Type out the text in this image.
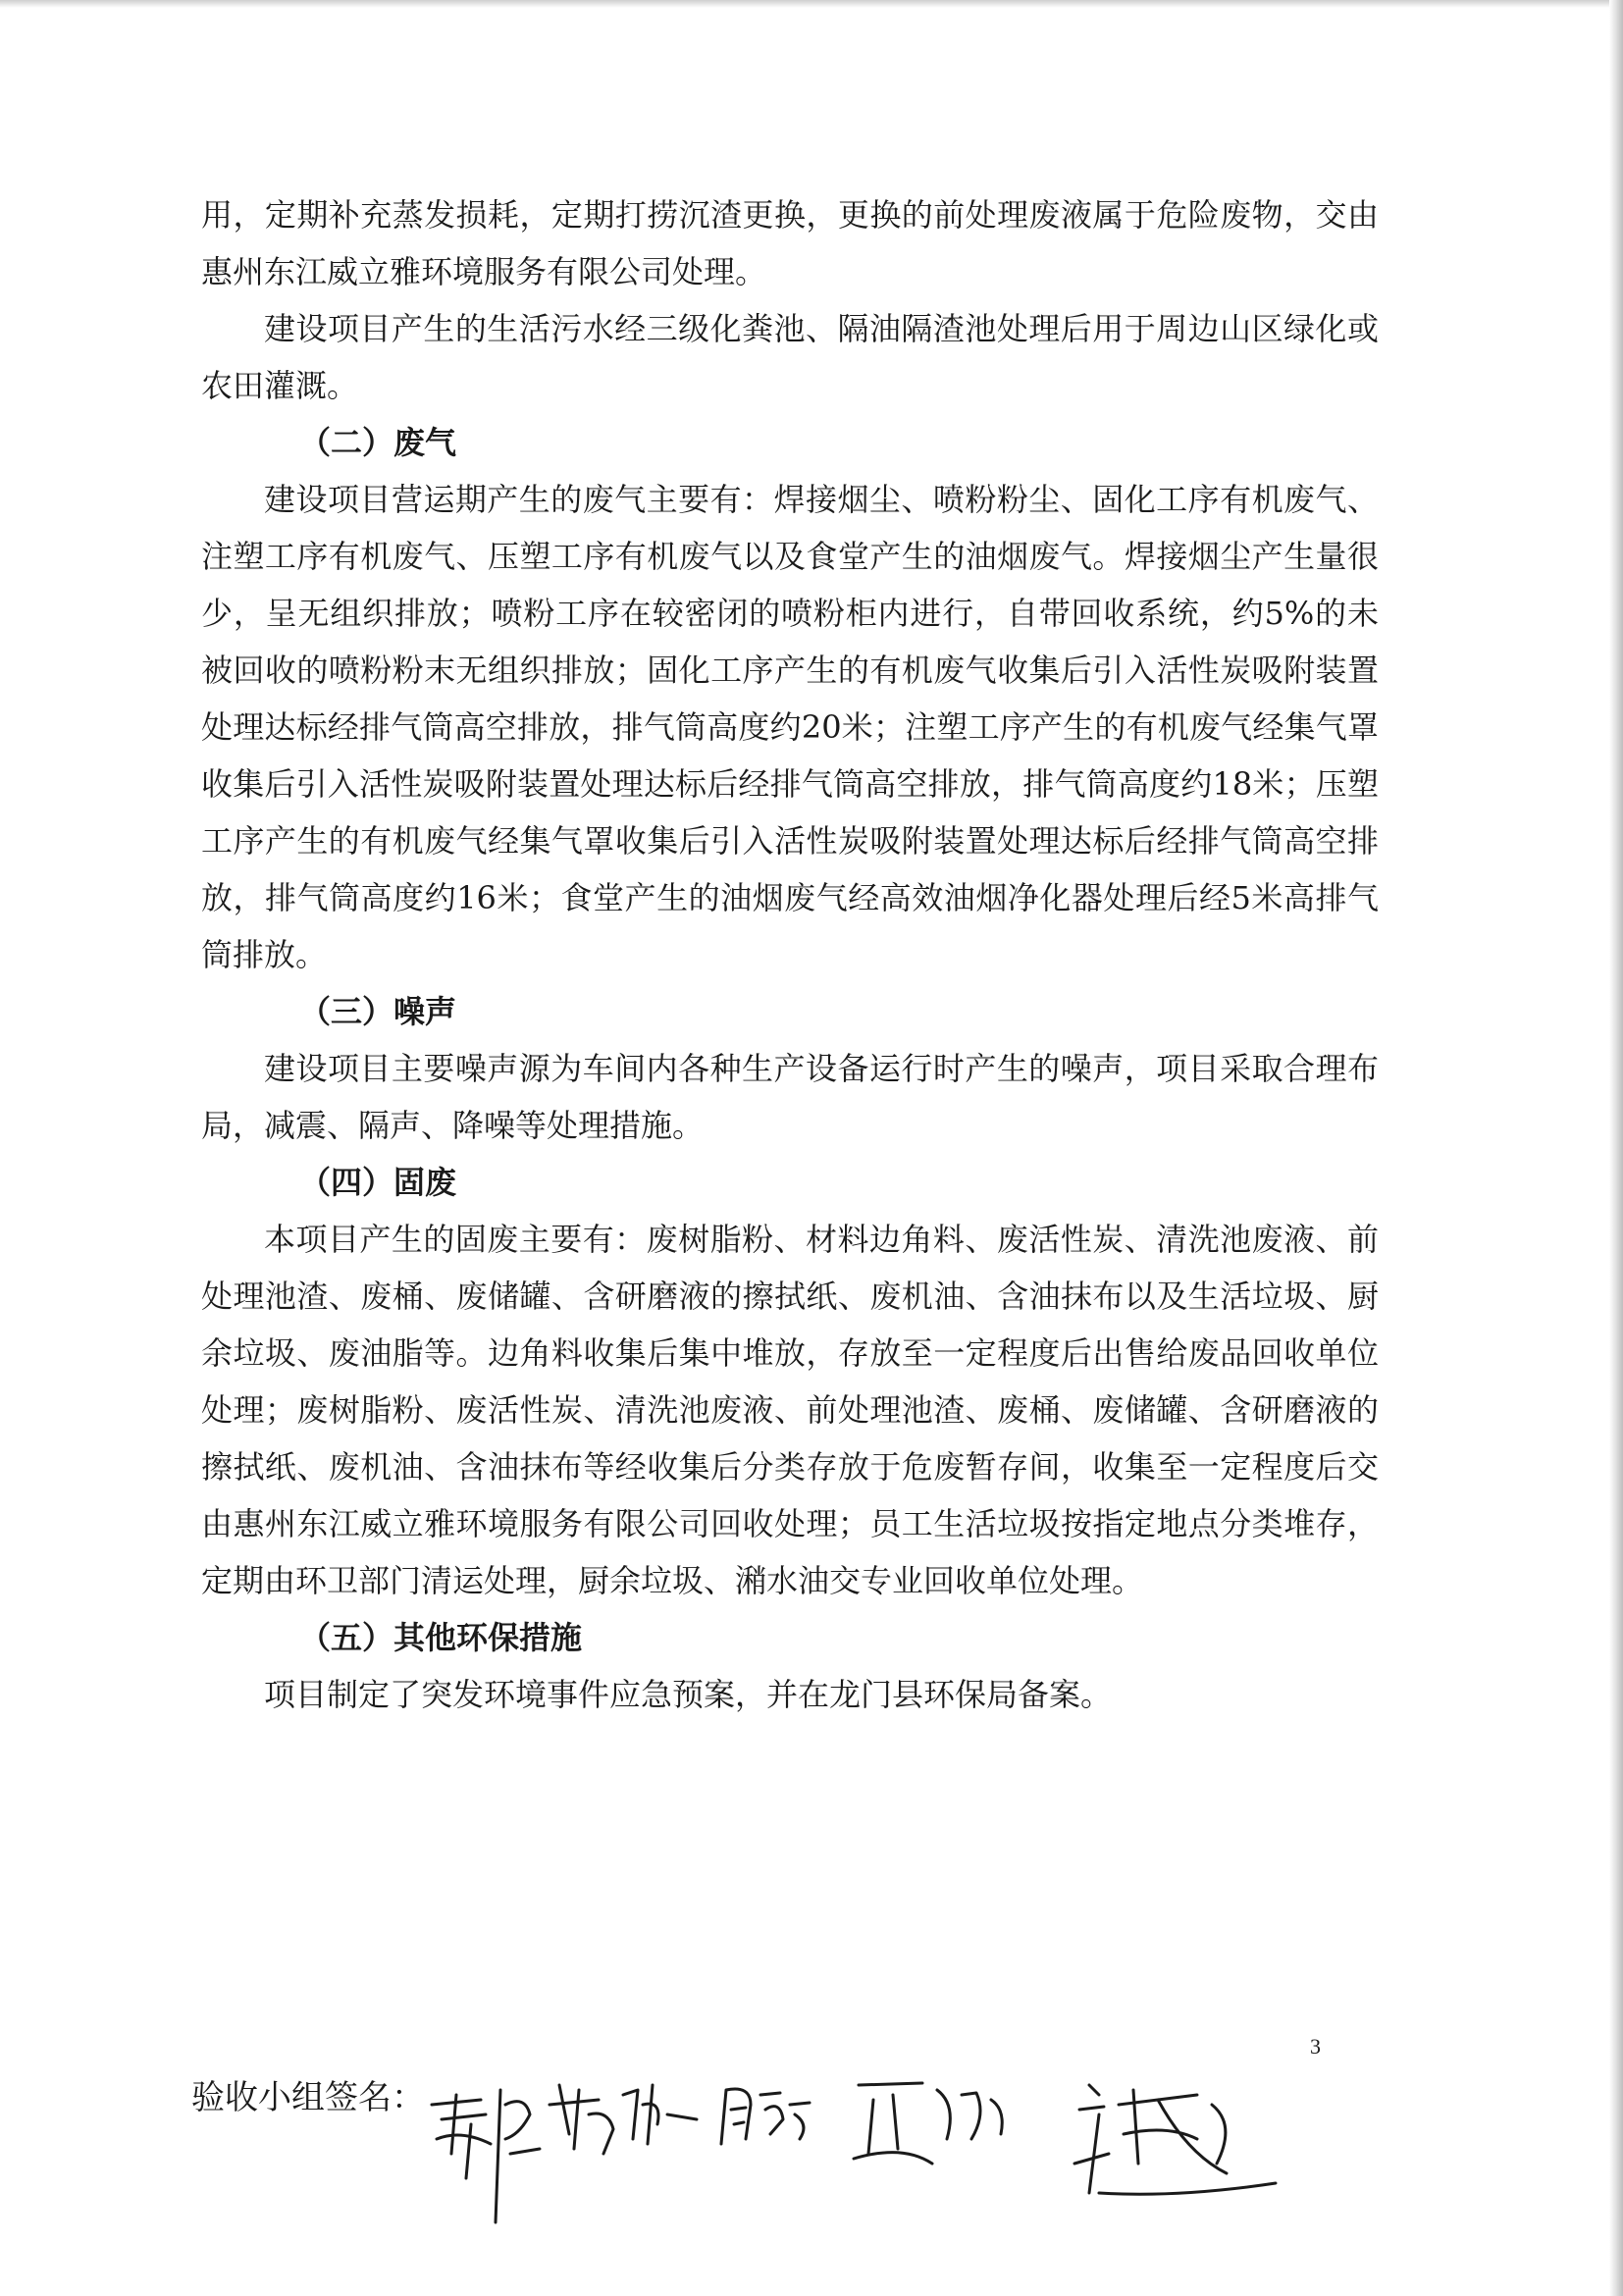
用，定期补充蒸发损耗，定期打捞沉渣更换，更换的前处理废液属于危险废物，交由惠州东江威立雅环境服务有限公司处理。

建设项目产生的生活污水经三级化粪池、隔油隔渣池处理后用于周边山区绿化或农田灌溉。

（二）废气

建设项目营运期产生的废气主要有：焊接烟尘、喷粉粉尘、固化工序有机废气、注塑工序有机废气、压塑工序有机废气以及食堂产生的油烟废气。焊接烟尘产生量很少，呈无组织排放；喷粉工序在较密闭的喷粉柜内进行，自带回收系统，约5%的未被回收的喷粉粉末无组织排放；固化工序产生的有机废气收集后引入活性炭吸附装置处理达标经排气筒高空排放，排气筒高度约20米；注塑工序产生的有机废气经集气罩收集后引入活性炭吸附装置处理达标后经排气筒高空排放，排气筒高度约18米；压塑工序产生的有机废气经集气罩收集后引入活性炭吸附装置处理达标后经排气筒高空排放，排气筒高度约16米；食堂产生的油烟废气经高效油烟净化器处理后经5米高排气筒排放。

（三）噪声

建设项目主要噪声源为车间内各种生产设备运行时产生的噪声，项目采取合理布局，减震、隔声、降噪等处理措施。

（四）固废

本项目产生的固废主要有：废树脂粉、材料边角料、废活性炭、清洗池废液、前处理池渣、废桶、废储罐、含研磨液的擦拭纸、废机油、含油抹布以及生活垃圾、厨余垃圾、废油脂等。边角料收集后集中堆放，存放至一定程度后出售给废品回收单位处理；废树脂粉、废活性炭、清洗池废液、前处理池渣、废桶、废储罐、含研磨液的擦拭纸、废机油、含油抹布等经收集后分类存放于危废暂存间，收集至一定程度后交由惠州东江威立雅环境服务有限公司回收处理；员工生活垃圾按指定地点分类堆存，定期由环卫部门清运处理，厨余垃圾、潲水油交专业回收单位处理。

（五）其他环保措施

项目制定了突发环境事件应急预案，并在龙门县环保局备案。

3
验收小组签名：
